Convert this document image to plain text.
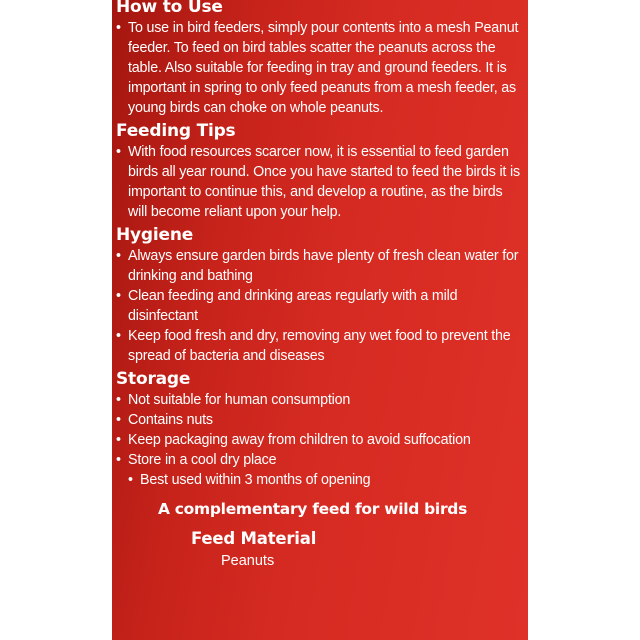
How to Use
• To use in bird feeders, simply pour contents into a mesh Peanut feeder. To feed on bird tables scatter the peanuts across the table. Also suitable for feeding in tray and ground feeders. It is important in spring to only feed peanuts from a mesh feeder, as young birds can choke on whole peanuts.
Feeding Tips
• With food resources scarcer now, it is essential to feed garden birds all year round. Once you have started to feed the birds it is important to continue this, and develop a routine, as the birds will become reliant upon your help.
Hygiene
• Always ensure garden birds have plenty of fresh clean water for drinking and bathing
• Clean feeding and drinking areas regularly with a mild disinfectant
• Keep food fresh and dry, removing any wet food to prevent the spread of bacteria and diseases
Storage
• Not suitable for human consumption
• Contains nuts
• Keep packaging away from children to avoid suffocation
• Store in a cool dry place
• Best used within 3 months of opening
A complementary feed for wild birds
Feed Material
Peanuts
